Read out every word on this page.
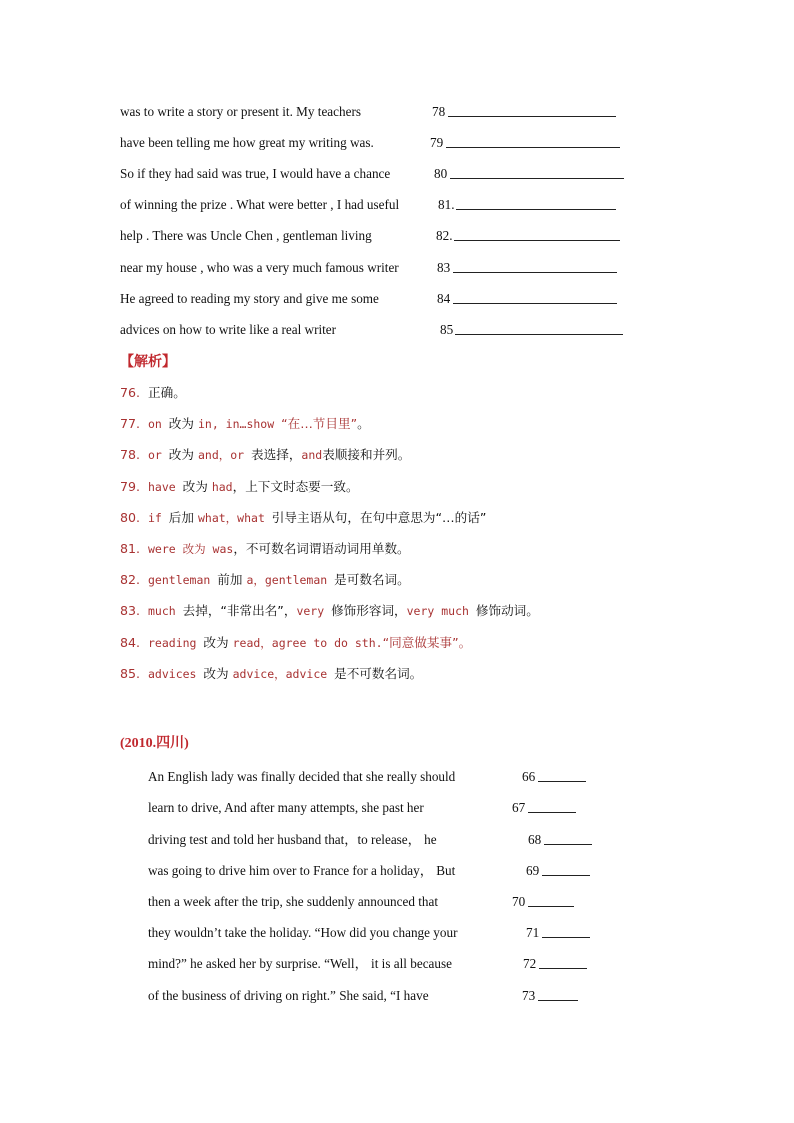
was to write a story or present it. My teachers	78
have been telling me how great my writing was.	79
So if they had said was true, I would have a chance	80
of winning the prize . What were better , I had useful	81.
help . There was Uncle Chen , gentleman living	82.
near my house , who was a very much famous writer	83
He agreed to reading my story and give me some	84
advices on how to write like a real writer	85
【解析】
76. 正确。
77. on 改为 in, in…show “在…节目里”。
78. or 改为 and，or 表选择，and表顺接和并列。
79. have 改为 had，上下文时态要一致。
80. if 后加 what，what 引导主语从句，在句中意思为“…的话”
81. were 改为 was，不可数名词谓语动词用单数。
82. gentleman 前加 a，gentleman 是可数名词。
83. much 去掉，“非常出名”，very 修饰形容词，very much 修饰动词。
84. reading 改为 read，agree to do sth.“同意做某事”。
85. advices 改为 advice，advice 是不可数名词。
(2010.四川)
An English lady was finally decided that she really should	66
learn to drive, And after many attempts, she past her	67
driving test and told her husband that，to release， he	68
was going to drive him over to France for a holiday， But	69
then a week after the trip, she suddenly announced that	70
they wouldn’t take the holiday. “How did you change your	71
mind?” he asked her by surprise. “Well， it is all because	72
of the business of driving on right.” She said, “I have	73
